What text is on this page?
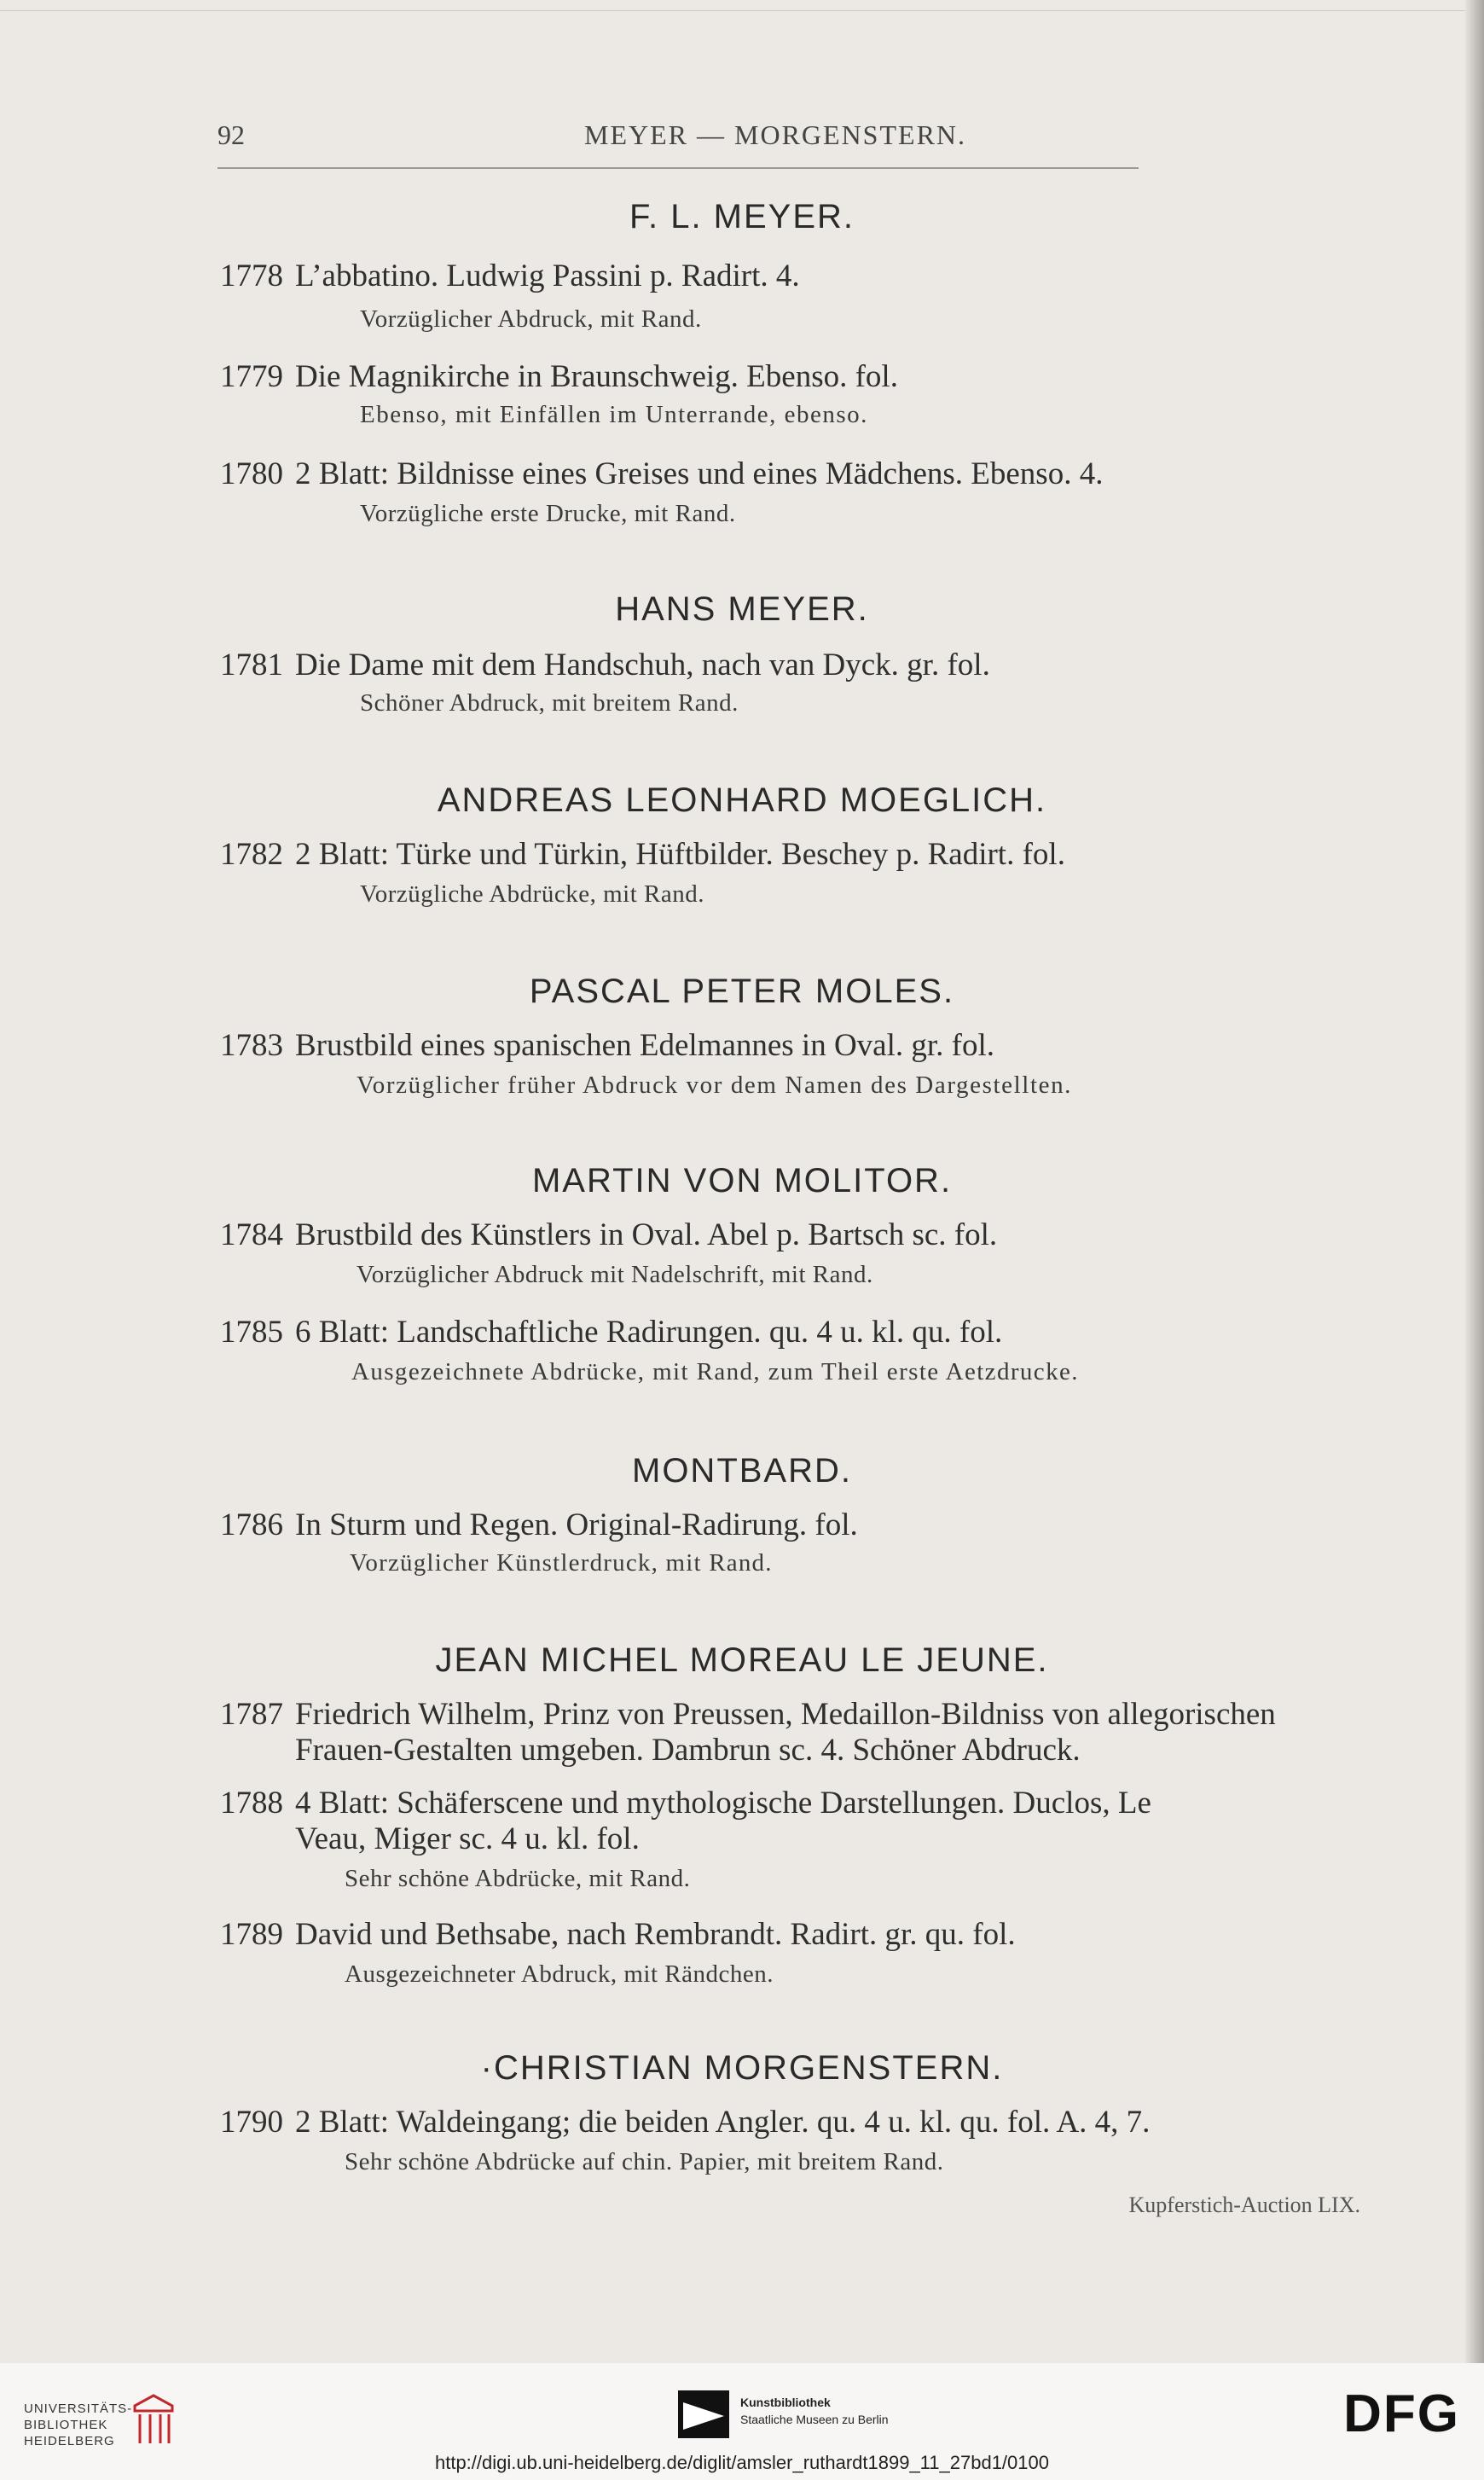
92	MEYER — MORGENSTERN.
F. L. MEYER.
1778 L’abbatino. Ludwig Passini p. Radirt. 4.
Vorzüglicher Abdruck, mit Rand.
1779 Die Magnikirche in Braunschweig. Ebenso. fol.
Ebenso, mit Einfällen im Unterrande, ebenso.
1780 2 Blatt: Bildnisse eines Greises und eines Mädchens. Ebenso. 4.
Vorzügliche erste Drucke, mit Rand.
HANS MEYER.
1781 Die Dame mit dem Handschuh, nach van Dyck. gr. fol.
Schöner Abdruck, mit breitem Rand.
ANDREAS LEONHARD MOEGLICH.
1782 2 Blatt: Türke und Türkin, Hüftbilder. Beschey p. Radirt. fol.
Vorzügliche Abdrücke, mit Rand.
PASCAL PETER MOLES.
1783 Brustbild eines spanischen Edelmannes in Oval. gr. fol.
Vorzüglicher früher Abdruck vor dem Namen des Dargestellten.
MARTIN VON MOLITOR.
1784 Brustbild des Künstlers in Oval. Abel p. Bartsch sc. fol.
Vorzüglicher Abdruck mit Nadelschrift, mit Rand.
1785 6 Blatt: Landschaftliche Radirungen. qu. 4 u. kl. qu. fol.
Ausgezeichnete Abdrücke, mit Rand, zum Theil erste Aetzdrucke.
MONTBARD.
1786 In Sturm und Regen. Original-Radirung. fol.
Vorzüglicher Künstlerdruck, mit Rand.
JEAN MICHEL MOREAU LE JEUNE.
1787 Friedrich Wilhelm, Prinz von Preussen, Medaillon-Bildniss von allegorischen
Frauen-Gestalten umgeben. Dambrun sc. 4. Schöner Abdruck.
1788 4 Blatt: Schäferscene und mythologische Darstellungen. Duclos, Le
Veau, Miger sc. 4 u. kl. fol.
Sehr schöne Abdrücke, mit Rand.
1789 David und Bethsabe, nach Rembrandt. Radirt. gr. qu. fol.
Ausgezeichneter Abdruck, mit Rändchen.
·CHRISTIAN MORGENSTERN.
1790 2 Blatt: Waldeingang; die beiden Angler. qu. 4 u. kl. qu. fol. A. 4, 7.
Sehr schöne Abdrücke auf chin. Papier, mit breitem Rand.
Kupferstich-Auction LIX.
UNIVERSITÄTS-
BIBLIOTHEK
HEIDELBERG
Kunstbibliothek
Staatliche Museen zu Berlin	DFG
http://digi.ub.uni-heidelberg.de/diglit/amsler_ruthardt1899_11_27bd1/0100
